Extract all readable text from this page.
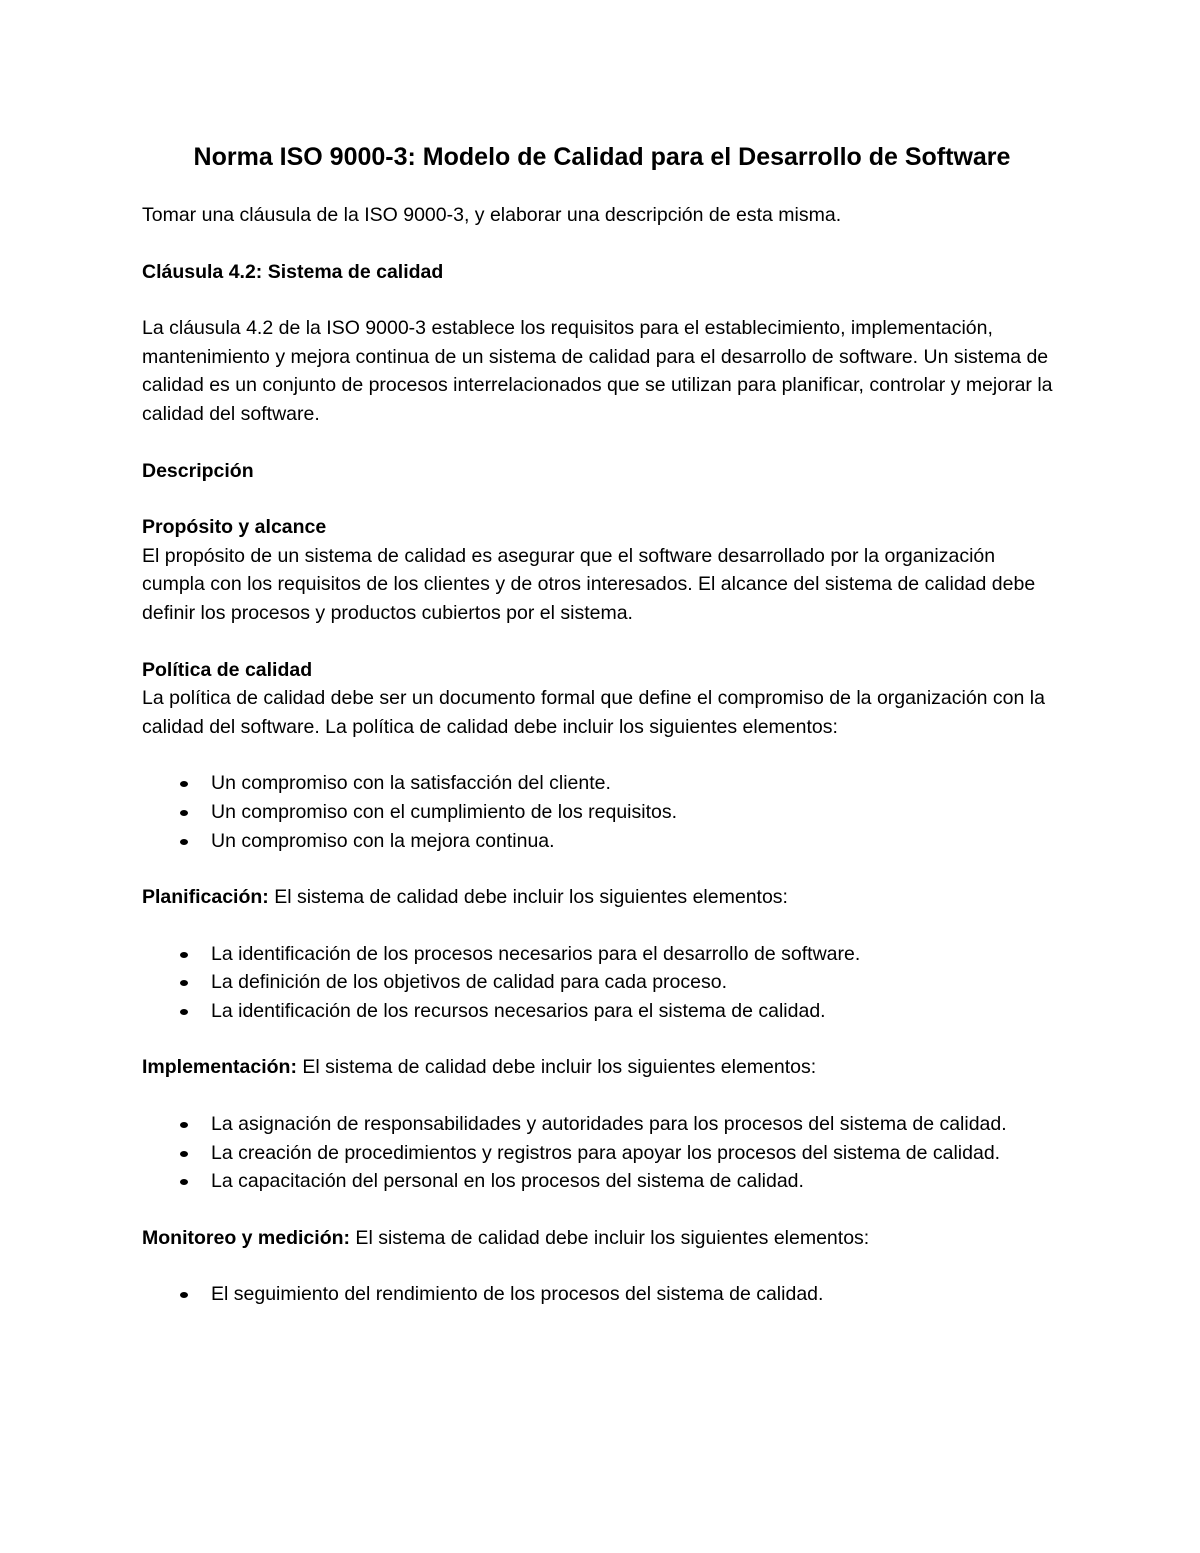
Norma ISO 9000-3: Modelo de Calidad para el Desarrollo de Software

Tomar una cláusula de la ISO 9000-3, y elaborar una descripción de esta misma.

Cláusula 4.2: Sistema de calidad

La cláusula 4.2 de la ISO 9000-3 establece los requisitos para el establecimiento, implementación, mantenimiento y mejora continua de un sistema de calidad para el desarrollo de software. Un sistema de calidad es un conjunto de procesos interrelacionados que se utilizan para planificar, controlar y mejorar la calidad del software.

Descripción

Propósito y alcance

El propósito de un sistema de calidad es asegurar que el software desarrollado por la organización cumpla con los requisitos de los clientes y de otros interesados. El alcance del sistema de calidad debe definir los procesos y productos cubiertos por el sistema.

Política de calidad

La política de calidad debe ser un documento formal que define el compromiso de la organización con la calidad del software. La política de calidad debe incluir los siguientes elementos:

Un compromiso con la satisfacción del cliente.
Un compromiso con el cumplimiento de los requisitos.
Un compromiso con la mejora continua.

Planificación: El sistema de calidad debe incluir los siguientes elementos:

La identificación de los procesos necesarios para el desarrollo de software.
La definición de los objetivos de calidad para cada proceso.
La identificación de los recursos necesarios para el sistema de calidad.

Implementación: El sistema de calidad debe incluir los siguientes elementos:

La asignación de responsabilidades y autoridades para los procesos del sistema de calidad.
La creación de procedimientos y registros para apoyar los procesos del sistema de calidad.
La capacitación del personal en los procesos del sistema de calidad.

Monitoreo y medición: El sistema de calidad debe incluir los siguientes elementos:

El seguimiento del rendimiento de los procesos del sistema de calidad.
